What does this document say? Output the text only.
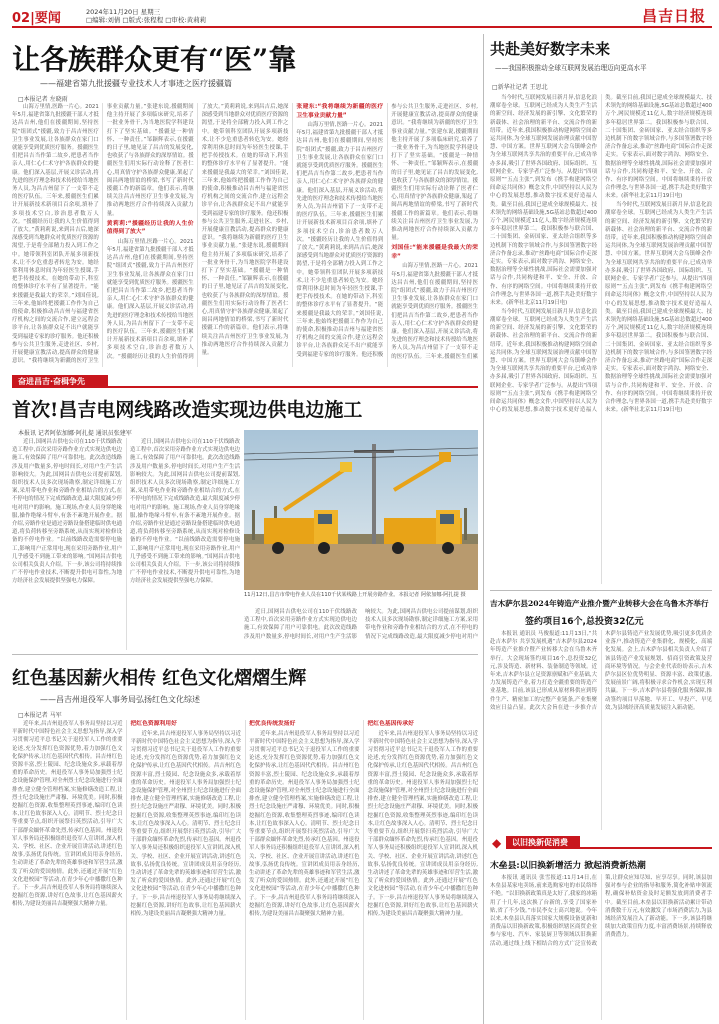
02|要闻	2024年11月20日 星期三
□编辑:刘倩 □版式:张程程 □审校:黄莉莉	昌吉日报
让各族群众更有“医”靠
——福建省第九批援疆专业技术人才事迹之医疗援疆篇
□本报记者 左晓雨

山海万里情,医路一片心。2021年5月,福建省第九批援疆干部人才抵达昌吉州,他们在援疆期间,坚持医院“组团式”援疆,致力于昌吉州医疗卫生事业发展,让各族群众在家门口就能享受到优质医疗服务。援疆医生们把昌吉当作第二故乡,把患者当作亲人,用仁心仁术守护各族群众的健康。他们深入基层,开展义诊活动,将先进的医疗理念和技术传授给当地医务人员,为昌吉州留下了一支带不走的医疗队伍。三年来,援疆医生们累计开展新技术新项目百余项,填补了多项技术空白,诊治患者数万人次。“援疆经历让我的人生价值得到了放大。”黄莉莉说,来到昌吉后,她深深感受到当地群众对优质医疗资源的渴望,于是将全部精力投入到工作之中。她带领科室团队开展多项新技术,让不少危重患者转危为安。她经常利用休息时间为年轻医生授课,手把手传授技术。在她的带动下,科室的整体诊疗水平有了显著提升。“能来援疆是我最大的荣幸。”刘国佳说,三年来,他始终把援疆工作作为自己的使命,积极推动昌吉州与福建省医疗机构之间的交流合作,建立远程会诊平台,让各族群众足不出户就能享受到福建专家的诊疗服务。他还积极参与公共卫生服务,走进社区、乡村,开展健康宣教活动,提高群众的健康意识。“我将继续为新疆的医疗卫生事业贡献力量。”张建东说,援疆期间他主持开展了多项临床研究,培养了一批业务骨干,为当地医院学科建设打下了坚实基础。“援疆是一种情怀、一种责任。”邹颖辉表示,在援疆的日子里,她见证了昌吉的发展变化,也收获了与各族群众的深厚情谊。援疆医生们用实际行动诠释了医者仁心,用真情守护各族群众健康,架起了闽昌两地情谊的桥梁,书写了新时代援疆工作的新篇章。他们表示,将继续关注昌吉州医疗卫生事业发展,为推动两地医疗合作持续深入贡献力量。

黄莉莉:“援疆经历让我的人生价值得到了放大”

山海万里情,医路一片心。2021年5月,福建省第九批援疆干部人才抵达昌吉州,他们在援疆期间,坚持医院“组团式”援疆,致力于昌吉州医疗卫生事业发展,让各族群众在家门口就能享受到优质医疗服务。援疆医生们把昌吉当作第二故乡,把患者当作亲人,用仁心仁术守护各族群众的健康。他们深入基层,开展义诊活动,将先进的医疗理念和技术传授给当地医务人员,为昌吉州留下了一支带不走的医疗队伍。三年来,援疆医生们累计开展新技术新项目百余项,填补了多项技术空白,诊治患者数万人次。“援疆经历让我的人生价值得到了放大。”黄莉莉说,来到昌吉后,她深深感受到当地群众对优质医疗资源的渴望,于是将全部精力投入到工作之中。她带领科室团队开展多项新技术,让不少危重患者转危为安。她经常利用休息时间为年轻医生授课,手把手传授技术。在她的带动下,科室的整体诊疗水平有了显著提升。“能来援疆是我最大的荣幸。”刘国佳说,三年来,他始终把援疆工作作为自己的使命,积极推动昌吉州与福建省医疗机构之间的交流合作,建立远程会诊平台,让各族群众足不出户就能享受到福建专家的诊疗服务。他还积极参与公共卫生服务,走进社区、乡村,开展健康宣教活动,提高群众的健康意识。“我将继续为新疆的医疗卫生事业贡献力量。”张建东说,援疆期间他主持开展了多项临床研究,培养了一批业务骨干,为当地医院学科建设打下了坚实基础。“援疆是一种情怀、一种责任。”邹颖辉表示,在援疆的日子里,她见证了昌吉的发展变化,也收获了与各族群众的深厚情谊。援疆医生们用实际行动诠释了医者仁心,用真情守护各族群众健康,架起了闽昌两地情谊的桥梁,书写了新时代援疆工作的新篇章。他们表示,将继续关注昌吉州医疗卫生事业发展,为推动两地医疗合作持续深入贡献力量。

张建东:“我将继续为新疆的医疗卫生事业贡献力量”

山海万里情,医路一片心。2021年5月,福建省第九批援疆干部人才抵达昌吉州,他们在援疆期间,坚持医院“组团式”援疆,致力于昌吉州医疗卫生事业发展,让各族群众在家门口就能享受到优质医疗服务。援疆医生们把昌吉当作第二故乡,把患者当作亲人,用仁心仁术守护各族群众的健康。他们深入基层,开展义诊活动,将先进的医疗理念和技术传授给当地医务人员,为昌吉州留下了一支带不走的医疗队伍。三年来,援疆医生们累计开展新技术新项目百余项,填补了多项技术空白,诊治患者数万人次。“援疆经历让我的人生价值得到了放大。”黄莉莉说,来到昌吉后,她深深感受到当地群众对优质医疗资源的渴望,于是将全部精力投入到工作之中。她带领科室团队开展多项新技术,让不少危重患者转危为安。她经常利用休息时间为年轻医生授课,手把手传授技术。在她的带动下,科室的整体诊疗水平有了显著提升。“能来援疆是我最大的荣幸。”刘国佳说,三年来,他始终把援疆工作作为自己的使命,积极推动昌吉州与福建省医疗机构之间的交流合作,建立远程会诊平台,让各族群众足不出户就能享受到福建专家的诊疗服务。他还积极参与公共卫生服务,走进社区、乡村,开展健康宣教活动,提高群众的健康意识。“我将继续为新疆的医疗卫生事业贡献力量。”张建东说,援疆期间他主持开展了多项临床研究,培养了一批业务骨干,为当地医院学科建设打下了坚实基础。“援疆是一种情怀、一种责任。”邹颖辉表示,在援疆的日子里,她见证了昌吉的发展变化,也收获了与各族群众的深厚情谊。援疆医生们用实际行动诠释了医者仁心,用真情守护各族群众健康,架起了闽昌两地情谊的桥梁,书写了新时代援疆工作的新篇章。他们表示,将继续关注昌吉州医疗卫生事业发展,为推动两地医疗合作持续深入贡献力量。

刘国佳:“能来援疆是我最大的荣幸”

山海万里情,医路一片心。2021年5月,福建省第九批援疆干部人才抵达昌吉州,他们在援疆期间,坚持医院“组团式”援疆,致力于昌吉州医疗卫生事业发展,让各族群众在家门口就能享受到优质医疗服务。援疆医生们把昌吉当作第二故乡,把患者当作亲人,用仁心仁术守护各族群众的健康。他们深入基层,开展义诊活动,将先进的医疗理念和技术传授给当地医务人员,为昌吉州留下了一支带不走的医疗队伍。三年来,援疆医生们累

共赴美好数字未来
——我国积极推动全球互联网发展治理迈向更高水平
□新华社记者 王思北

当今时代,互联网发展日新月异,信息化浪潮席卷全球。互联网已经成为人类生产生活的新空间、经济发展的新引擎、文化繁荣的新载体、社会治理的新平台、交流合作的新纽带。近年来,我国积极推动构建网络空间命运共同体,为全球互联网发展治理贡献中国智慧、中国方案。世界互联网大会乌镇峰会作为全球互联网共享共治的重要平台,已成功举办多届,吸引了世界各国政府、国际组织、互联网企业、专家学者广泛参与。从提出“四项原则”“五点主张”,到发布《携手构建网络空间命运共同体》概念文件,中国坚持以人民为中心的发展思想,推动数字技术更好造福人类。截至目前,我国已建成全球规模最大、技术领先的网络基础设施,5G基站总数超过400万个,网民规模近11亿人,数字经济规模连续多年稳居世界第二。我国积极参与联合国、二十国集团、金砖国家、亚太经合组织等多边机制下的数字领域合作,与多国签署数字经济合作备忘录,推动“丝路电商”国际合作走深走实。专家表示,面对数字鸿沟、网络安全、数据治理等全球性挑战,国际社会需要加强对话与合作,共同构建和平、安全、开放、合作、有序的网络空间。中国将继续秉持开放合作理念,与世界各国一道,携手共赴美好数字未来。(新华社北京11月19日电)

当今时代,互联网发展日新月异,信息化浪潮席卷全球。互联网已经成为人类生产生活的新空间、经济发展的新引擎、文化繁荣的新载体、社会治理的新平台、交流合作的新纽带。近年来,我国积极推动构建网络空间命运共同体,为全球互联网发展治理贡献中国智慧、中国方案。世界互联网大会乌镇峰会作为全球互联网共享共治的重要平台,已成功举办多届,吸引了世界各国政府、国际组织、互联网企业、专家学者广泛参与。从提出“四项原则”“五点主张”,到发布《携手构建网络空间命运共同体》概念文件,中国坚持以人民为中心的发展思想,推动数字技术更好造福人类。截至目前,我国已建成全球规模最大、技术领先的网络基础设施,5G基站总数超过400万个,网民规模近11亿人,数字经济规模连续多年稳居世界第二。我国积极参与联合国、二十国集团、金砖国家、亚太经合组织等多边机制下的数字领域合作,与多国签署数字经济合作备忘录,推动“丝路电商”国际合作走深走实。专家表示,面对数字鸿沟、网络安全、数据治理等全球性挑战,国际社会需要加强对话与合作,共同构建和平、安全、开放、合作、有序的网络空间。中国将继续秉持开放合作理念,与世界各国一道,携手共赴美好数字未来。(新华社北京11月19日电)

当今时代,互联网发展日新月异,信息化浪潮席卷全球。互联网已经成为人类生产生活的新空间、经济发展的新引擎、文化繁荣的新载体、社会治理的新平台、交流合作的新纽带。近年来,我国积极推动构建网络空间命运共同体,为全球互联网发展治理贡献中国智慧、中国方案。世界互联网大会乌镇峰会作为全球互联网共享共治的重要平台,已成功举办多届,吸引了世界各国政府、国际组织、互联网企业、专家学者广泛参与。从提出“四项原则”“五点主张”,到发布《携手构建网络空间命运共同体》概念文件,中国坚持以人民为中心的发展思想,推动数字技术更好造福人类。截至目前,我国已建成全球规模最大、技术领先的网络基础设施,5G基站总数超过400万个,网民规模近11亿人,数字经济规模连续多年稳居世界第二。我国积极参与联合国、二十国集团、金砖国家、亚太经合组织等多边机制下的数字领域合作,与多国签署数字经济合作备忘录,推动“丝路电商”国际合作走深走实。专家表示,面对数字鸿沟、网络安全、数据治理等全球性挑战,国际社会需要加强对话与合作,共同构建和平、安全、开放、合作、有序的网络空间。中国将继续秉持开放合作理念,与世界各国一道,携手共赴美好数字未来。(新华社北京11月19日电)

奋进昌吉·奋楫争先
首次!昌吉电网线路改造实现边供电边施工
本报讯 记者阿依加娜·阿扎提 通讯员张建军

近日,国网昌吉供电公司在110千伏线路改造工程中,首次采用旁路作业方式实现边供电边施工,有效保障了用户可靠供电。此次改造线路涉及用户数量多,停电时间长,对用户生产生活影响较大。为此,国网昌吉供电公司提前谋划,组织技术人员多次现场勘察,制定详细施工方案,采用带电作业和旁路作业相结合的方式,在不停电的情况下完成线路改造,最大限度减少停电对用户的影响。施工现场,作业人员身穿绝缘服,操作绝缘斗臂车,有条不紊地开展作业。据介绍,旁路作业是通过旁路设备搭建临时供电通道,将负荷转移至旁路系统,从而实现对检修设备的不停电作业。“以前线路改造需要停电施工,影响用户正常用电,现在采用旁路作业,用户几乎感受不到施工带来的影响。”国网昌吉供电公司相关负责人介绍。下一步,该公司将持续推广不停电作业技术,不断提升供电可靠性,为地方经济社会发展提供坚强电力保障。

近日,国网昌吉供电公司在110千伏线路改造工程中,首次采用旁路作业方式实现边供电边施工,有效保障了用户可靠供电。此次改造线路涉及用户数量多,停电时间长,对用户生产生活影响较大。为此,国网昌吉供电公司提前谋划,组织技术人员多次现场勘察,制定详细施工方案,采用带电作业和旁路作业相结合的方式,在不停电的情况下完成线路改造,最大限度减少停电对用户的影响。施工现场,作业人员身穿绝缘服,操作绝缘斗臂车,有条不紊地开展作业。据介绍,旁路作业是通过旁路设备搭建临时供电通道,将负荷转移至旁路系统,从而实现对检修设备的不停电作业。“以前线路改造需要停电施工,影响用户正常用电,现在采用旁路作业,用户几乎感受不到施工带来的影响。”国网昌吉供电公司相关负责人介绍。下一步,该公司将持续推广不停电作业技术,不断提升供电可靠性,为地方经济社会发展提供坚强电力保障。

11月12日,昌吉市带电作业人员在110千伏某线路上开展旁路作业。本报记者 阿依加娜·阿扎提 摄

近日,国网昌吉供电公司在110千伏线路改造工程中,首次采用旁路作业方式实现边供电边施工,有效保障了用户可靠供电。此次改造线路涉及用户数量多,停电时间长,对用户生产生活影响较大。为此,国网昌吉供电公司提前谋划,组织技术人员多次现场勘察,制定详细施工方案,采用带电作业和旁路作业相结合的方式,在不停电的情况下完成线路改造,最大限度减少停电对用户

红色基因薪火相传 红色文化熠熠生辉
——昌吉州退役军人事务局弘扬红色文化综述
□本报记者 马军

近年来,昌吉州退役军人事务局坚持以习近平新时代中国特色社会主义思想为指导,深入学习贯彻习近平总书记关于退役军人工作的重要论述,充分发挥红色资源优势,着力加强红色文化保护传承,让红色基因代代相传。昌吉州红色资源丰富,烈士陵园、纪念设施众多,承载着厚重的革命历史。州退役军人事务局加强烈士纪念设施保护管理,对全州烈士纪念设施进行全面排查,建立健全管理档案,实施修缮改造工程,让烈士纪念设施庄严肃穆、环境优美。同时,积极挖掘红色资源,收集整理英烈事迹,编印红色读本,让红色故事深入人心。清明节、烈士纪念日等重要节点,组织开展祭扫英烈活动,引导广大干部群众缅怀革命先烈,传承红色基因。州退役军人事务局还积极组织退役军人宣讲团,深入机关、学校、社区、企业开展宣讲活动,讲述红色故事,弘扬优良传统。宣讲团成员用亲身经历,生动讲述了革命先辈的英雄事迹和军营生活,激发了听众的爱国热情。此外,还通过开展“红色文化进校园”等活动,在青少年心中播撒红色种子。下一步,昌吉州退役军人事务局将继续深入挖掘红色资源,讲好红色故事,让红色基因薪火相传,为建设美丽昌吉凝聚强大精神力量。

把红色资源利用好

近年来,昌吉州退役军人事务局坚持以习近平新时代中国特色社会主义思想为指导,深入学习贯彻习近平总书记关于退役军人工作的重要论述,充分发挥红色资源优势,着力加强红色文化保护传承,让红色基因代代相传。昌吉州红色资源丰富,烈士陵园、纪念设施众多,承载着厚重的革命历史。州退役军人事务局加强烈士纪念设施保护管理,对全州烈士纪念设施进行全面排查,建立健全管理档案,实施修缮改造工程,让烈士纪念设施庄严肃穆、环境优美。同时,积极挖掘红色资源,收集整理英烈事迹,编印红色读本,让红色故事深入人心。清明节、烈士纪念日等重要节点,组织开展祭扫英烈活动,引导广大干部群众缅怀革命先烈,传承红色基因。州退役军人事务局还积极组织退役军人宣讲团,深入机关、学校、社区、企业开展宣讲活动,讲述红色故事,弘扬优良传统。宣讲团成员用亲身经历,生动讲述了革命先辈的英雄事迹和军营生活,激发了听众的爱国热情。此外,还通过开展“红色文化进校园”等活动,在青少年心中播撒红色种子。下一步,昌吉州退役军人事务局将继续深入挖掘红色资源,讲好红色故事,让红色基因薪火相传,为建设美丽昌吉凝聚强大精神力量。

把优良传统发扬好

近年来,昌吉州退役军人事务局坚持以习近平新时代中国特色社会主义思想为指导,深入学习贯彻习近平总书记关于退役军人工作的重要论述,充分发挥红色资源优势,着力加强红色文化保护传承,让红色基因代代相传。昌吉州红色资源丰富,烈士陵园、纪念设施众多,承载着厚重的革命历史。州退役军人事务局加强烈士纪念设施保护管理,对全州烈士纪念设施进行全面排查,建立健全管理档案,实施修缮改造工程,让烈士纪念设施庄严肃穆、环境优美。同时,积极挖掘红色资源,收集整理英烈事迹,编印红色读本,让红色故事深入人心。清明节、烈士纪念日等重要节点,组织开展祭扫英烈活动,引导广大干部群众缅怀革命先烈,传承红色基因。州退役军人事务局还积极组织退役军人宣讲团,深入机关、学校、社区、企业开展宣讲活动,讲述红色故事,弘扬优良传统。宣讲团成员用亲身经历,生动讲述了革命先辈的英雄事迹和军营生活,激发了听众的爱国热情。此外,还通过开展“红色文化进校园”等活动,在青少年心中播撒红色种子。下一步,昌吉州退役军人事务局将继续深入挖掘红色资源,讲好红色故事,让红色基因薪火相传,为建设美丽昌吉凝聚强大精神力量。

把红色基因传承好

近年来,昌吉州退役军人事务局坚持以习近平新时代中国特色社会主义思想为指导,深入学习贯彻习近平总书记关于退役军人工作的重要论述,充分发挥红色资源优势,着力加强红色文化保护传承,让红色基因代代相传。昌吉州红色资源丰富,烈士陵园、纪念设施众多,承载着厚重的革命历史。州退役军人事务局加强烈士纪念设施保护管理,对全州烈士纪念设施进行全面排查,建立健全管理档案,实施修缮改造工程,让烈士纪念设施庄严肃穆、环境优美。同时,积极挖掘红色资源,收集整理英烈事迹,编印红色读本,让红色故事深入人心。清明节、烈士纪念日等重要节点,组织开展祭扫英烈活动,引导广大干部群众缅怀革命先烈,传承红色基因。州退役军人事务局还积极组织退役军人宣讲团,深入机关、学校、社区、企业开展宣讲活动,讲述红色故事,弘扬优良传统。宣讲团成员用亲身经历,生动讲述了革命先辈的英雄事迹和军营生活,激发了听众的爱国热情。此外,还通过开展“红色文化进校园”等活动,在青少年心中播撒红色种子。下一步,昌吉州退役军人事务局将继续深入挖掘红色资源,讲好红色故事,让红色基因薪火相传,为建设美丽昌吉凝聚强大精神力量。

吉木萨尔县2024年铸造产业推介暨产业转移大会在乌鲁木齐举行
签约项目16个,总投资32亿元

本报讯 通讯员 马俊报道:11月13日,“共赴吉木萨尔 共享发展机遇”吉木萨尔县2024年铸造产业推介暨产业转移大会在乌鲁木齐举行。大会现场签约项目16个,总投资32亿元,涉及铸造、新材料、装备制造等领域。近年来,吉木萨尔县立足资源禀赋和产业基础,大力发展铸造产业,着力打造全疆重要的铸造产业基地。目前,该县已形成从原材料供应到铸件生产、精密加工的完整产业链条,产业集聚效应日益凸显。此次大会旨在进一步推介吉木萨尔县铸造产业发展优势,吸引更多优质企业落户,推动铸造产业集群化、规模化、高端化发展。会上,吉木萨尔县相关负责人介绍了该县铸造产业发展规划、招商引资政策及营商环境等情况。与会企业代表纷纷表示,吉木萨尔县区位优势明显、资源丰富、政策优惠,发展前景广阔,将积极寻求合作机会,实现互利共赢。下一步,吉木萨尔县将强化服务保障,推动签约项目早落地、早开工、早投产、早见效,为县域经济高质量发展注入新动能。

◆	以旧换新促消费
木垒县:以旧换新增活力 掀起消费新热潮

本报讯 通讯员 张雪报道:11月14日,在木垒县某家电卖场,前来选购家电的市民络绎不绝。“以旧换新政策真是太好了,我家的冰箱用了十几年,这次换了台新的,享受了国家补贴,省了不少钱。”市民李女士高兴地说。今年以来,木垒县认真落实国家大规模设备更新和消费品以旧换新政策,积极组织辖区商贸企业参与家电、汽车、家装厨卫等领域以旧换新活动,通过线上线下相结合的方式广泛宣传政策,让群众应知尽知、应享尽享。同时,该县加强对参与企业的指导和服务,简化补贴申领流程,确保补贴资金及时足额发放到消费者手中。截至目前,木垒县以旧换新活动累计带动消费数千万元,有效激发了市场消费活力,为县域经济发展注入了新动能。下一步,该县将继续加大政策宣传力度,丰富消费场景,持续释放消费潜力。
